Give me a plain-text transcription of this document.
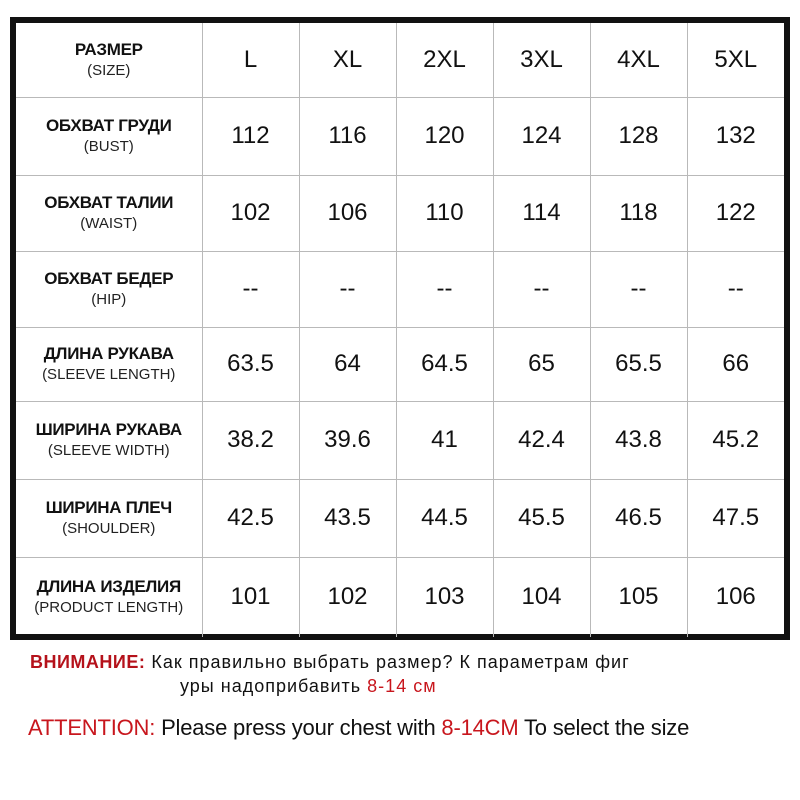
РАЗМЕР
(SIZE)	L	XL	2XL	3XL	4XL	5XL

ОБХВАТ ГРУДИ
(BUST)	112	116	120	124	128	132

ОБХВАТ ТАЛИИ
(WAIST)	102	106	110	114	118	122

ОБХВАТ БЕДЕР
(HIP)	--	--	--	--	--	--

ДЛИНА РУКАВА
(SLEEVE LENGTH)	63.5	64	64.5	65	65.5	66

ШИРИНА РУКАВА
(SLEEVE WIDTH)	38.2	39.6	41	42.4	43.8	45.2

ШИРИНА ПЛЕЧ
(SHOULDER)	42.5	43.5	44.5	45.5	46.5	47.5

ДЛИНА ИЗДЕЛИЯ
(PRODUCT LENGTH)	101	102	103	104	105	106
ВНИМАНИЕ: Как правильно выбрать размер? К параметрам фиг
уры надоприбавить 8-14 см
ATTENTION: Please press your chest with 8-14CM To select the size
